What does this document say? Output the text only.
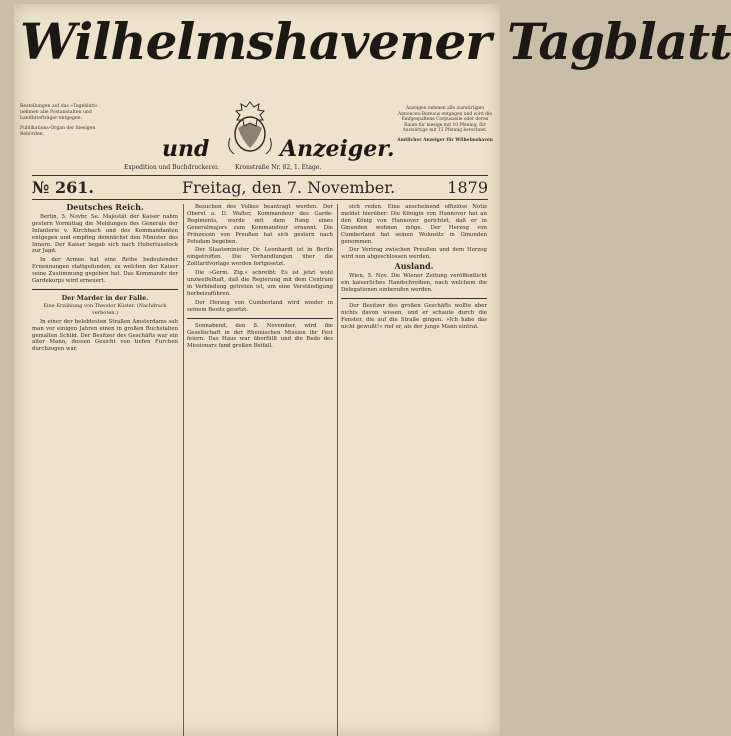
Wilhelmshavener Tagblatt
Bestellungen auf das »Tageblatt« nehmen alle Postanstalten und Landbriefträger entgegen.
Publikations-Organ der hiesigen Behörden.
Anzeigen nehmen alle auswärtigen Annoncen-Bureaus entgegen und wird die fünfgespaltene Corpuszeile oder deren Raum für hiesige mit 10 Pfennig, für Auswärtige mit 15 Pfennig berechnet.
Amtlicher Anzeiger für Wilhelmshaven
und	Anzeiger.
Expedition und Buchdruckerei:	Kronstraße Nr. 82, 1. Etage.
№ 261.	Freitag, den 7. November.	1879
Deutsches Reich.

Berlin, 5. Novbr. Se. Majestät der Kaiser nahm gestern Vormittag die Meldungen des Generals der Infanterie v. Kirchbach und des Kommandanten entgegen und empfing demnächst den Minister des Innern. Der Kaiser begab sich nach Hubertusstock zur Jagd.

In der Armee hat eine Reihe bedeutender Ernennungen stattgefunden, zu welchen der Kaiser seine Zustimmung gegeben hat. Das Kommando der Gardekorps wird erneuert.

Der Marder in der Falle.
Eine Erzählung von Theodor Küster. (Nachdruck verboten.)

In einer der belebtesten Straßen Amsterdams sah man vor einigen Jahren einen in großen Buchstaben gemalten Schild. Der Besitzer des Geschäfts war ein alter Mann, dessen Gesicht von tiefen Furchen durchzogen war.

Besuchen des Volkes beantragt werden. Der Oberst a. D. Walter, Kommandeur des Garde-Regiments, wurde mit dem Rang eines Generalmajors zum Kommandeur ernannt. Die Prinzessin von Preußen hat sich gestern nach Potsdam begeben.

Der Staatsminister Dr. Leonhardt ist in Berlin eingetroffen. Die Verhandlungen über die Zolltarifvorlage werden fortgesetzt.

Die »Germ. Ztg.« schreibt: Es ist jetzt wohl unzweifelhaft, daß die Regierung mit dem Centrum in Verbindung getreten ist, um eine Verständigung herbeizuführen.

Der Herzog von Cumberland wird wieder in seinem Besitz gesetzt.

Sonnabend, den 8. November, wird die Gesellschaft in der Rheinischen Mission ihr Fest feiern. Das Haus war überfüllt und die Rede des Missionars fand großen Beifall.

sich reden. Eine anscheinend offiziöse Notiz meldet hierüber: Die Königin von Hannover hat an den König von Hannover gerichtet, daß er in Gmunden wohnen möge. Der Herzog von Cumberland hat seinen Wohnsitz in Gmunden genommen.

Der Vertrag zwischen Preußen und dem Herzog wird nun abgeschlossen werden.

Ausland.

Wien, 5. Nov. Die Wiener Zeitung veröffentlicht ein kaiserliches Handschreiben, nach welchem die Delegationen einberufen werden.

Der Besitzer des großen Geschäfts wollte aber nichts davon wissen, und er schaute durch die Fenster, die auf die Straße gingen. »Ich habe das nicht gewußt!« rief er, als der junge Mann eintrat.
